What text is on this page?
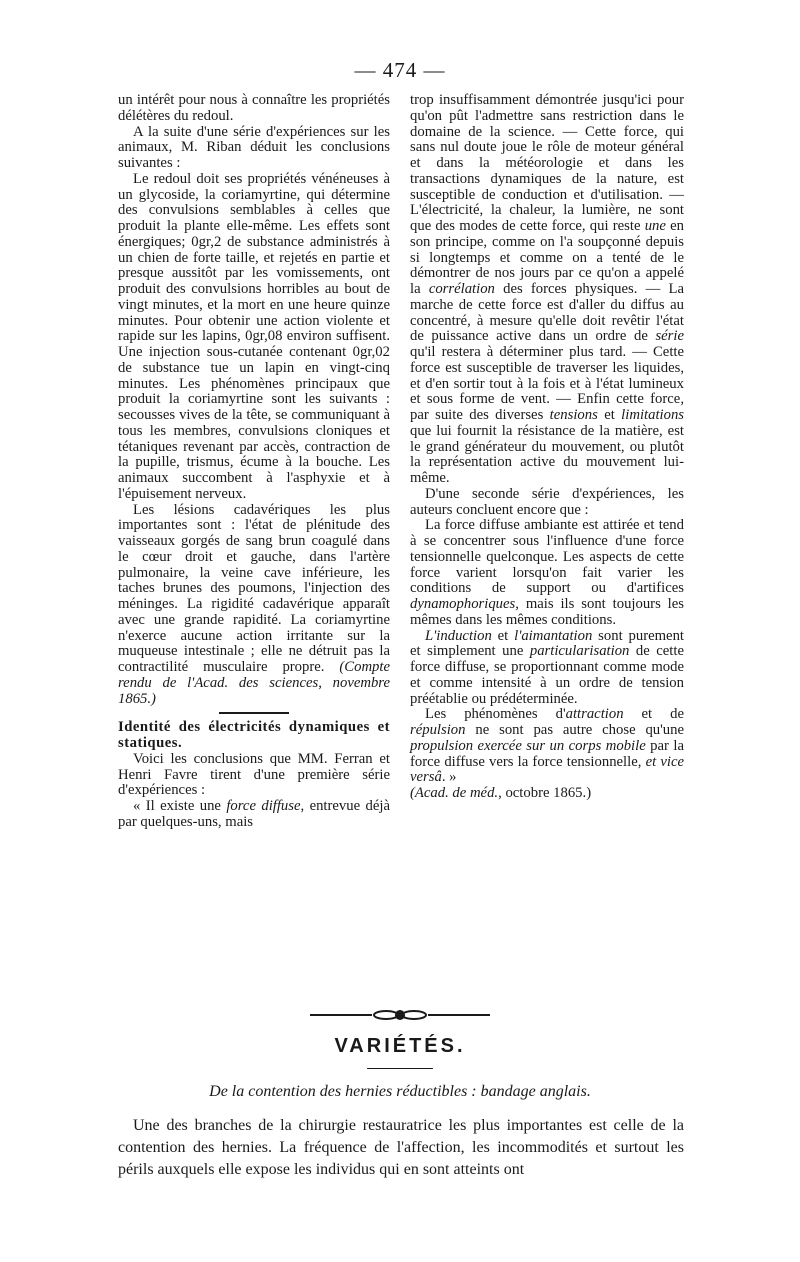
— 474 —

un intérêt pour nous à connaître les propriétés délétères du redoul.

A la suite d'une série d'expériences sur les animaux, M. Riban déduit les conclusions suivantes :

Le redoul doit ses propriétés vénéneuses à un glycoside, la coriamyrtine, qui détermine des convulsions semblables à celles que produit la plante elle-même. Les effets sont énergiques; 0gr,2 de substance administrés à un chien de forte taille, et rejetés en partie et presque aussitôt par les vomissements, ont produit des convulsions horribles au bout de vingt minutes, et la mort en une heure quinze minutes. Pour obtenir une action violente et rapide sur les lapins, 0gr,08 environ suffisent. Une injection sous-cutanée contenant 0gr,02 de substance tue un lapin en vingt-cinq minutes. Les phénomènes principaux que produit la coriamyrtine sont les suivants : secousses vives de la tête, se communiquant à tous les membres, convulsions cloniques et tétaniques revenant par accès, contraction de la pupille, trismus, écume à la bouche. Les animaux succombent à l'asphyxie et à l'épuisement nerveux.

Les lésions cadavériques les plus importantes sont : l'état de plénitude des vaisseaux gorgés de sang brun coagulé dans le cœur droit et gauche, dans l'artère pulmonaire, la veine cave inférieure, les taches brunes des poumons, l'injection des méninges. La rigidité cadavérique apparaît avec une grande rapidité. La coriamyrtine n'exerce aucune action irritante sur la muqueuse intestinale ; elle ne détruit pas la contractilité musculaire propre. (Compte rendu de l'Acad. des sciences, novembre 1865.)

Identité des électricités dynamiques et statiques.

Voici les conclusions que MM. Ferran et Henri Favre tirent d'une première série d'expériences :

« Il existe une force diffuse, entrevue déjà par quelques-uns, mais

trop insuffisamment démontrée jusqu'ici pour qu'on pût l'admettre sans restriction dans le domaine de la science. — Cette force, qui sans nul doute joue le rôle de moteur général et dans la météorologie et dans les transactions dynamiques de la nature, est susceptible de conduction et d'utilisation. — L'électricité, la chaleur, la lumière, ne sont que des modes de cette force, qui reste une en son principe, comme on l'a soupçonné depuis si longtemps et comme on a tenté de le démontrer de nos jours par ce qu'on a appelé la corrélation des forces physiques. — La marche de cette force est d'aller du diffus au concentré, à mesure qu'elle doit revêtir l'état de puissance active dans un ordre de série qu'il restera à déterminer plus tard. — Cette force est susceptible de traverser les liquides, et d'en sortir tout à la fois et à l'état lumineux et sous forme de vent. — Enfin cette force, par suite des diverses tensions et limitations que lui fournit la résistance de la matière, est le grand générateur du mouvement, ou plutôt la représentation active du mouvement lui-même.

D'une seconde série d'expériences, les auteurs concluent encore que :

La force diffuse ambiante est attirée et tend à se concentrer sous l'influence d'une force tensionnelle quelconque. Les aspects de cette force varient lorsqu'on fait varier les conditions de support ou d'artifices dynamophoriques, mais ils sont toujours les mêmes dans les mêmes conditions.

L'induction et l'aimantation sont purement et simplement une particularisation de cette force diffuse, se proportionnant comme mode et comme intensité à un ordre de tension préétablie ou prédéterminée.

Les phénomènes d'attraction et de répulsion ne sont pas autre chose qu'une propulsion exercée sur un corps mobile par la force diffuse vers la force tensionnelle, et vice versâ. »

(Acad. de méd., octobre 1865.)

VARIÉTÉS.
De la contention des hernies réductibles : bandage anglais.

Une des branches de la chirurgie restauratrice les plus importantes est celle de la contention des hernies. La fréquence de l'affection, les incommodités et surtout les périls auxquels elle expose les individus qui en sont atteints ont
